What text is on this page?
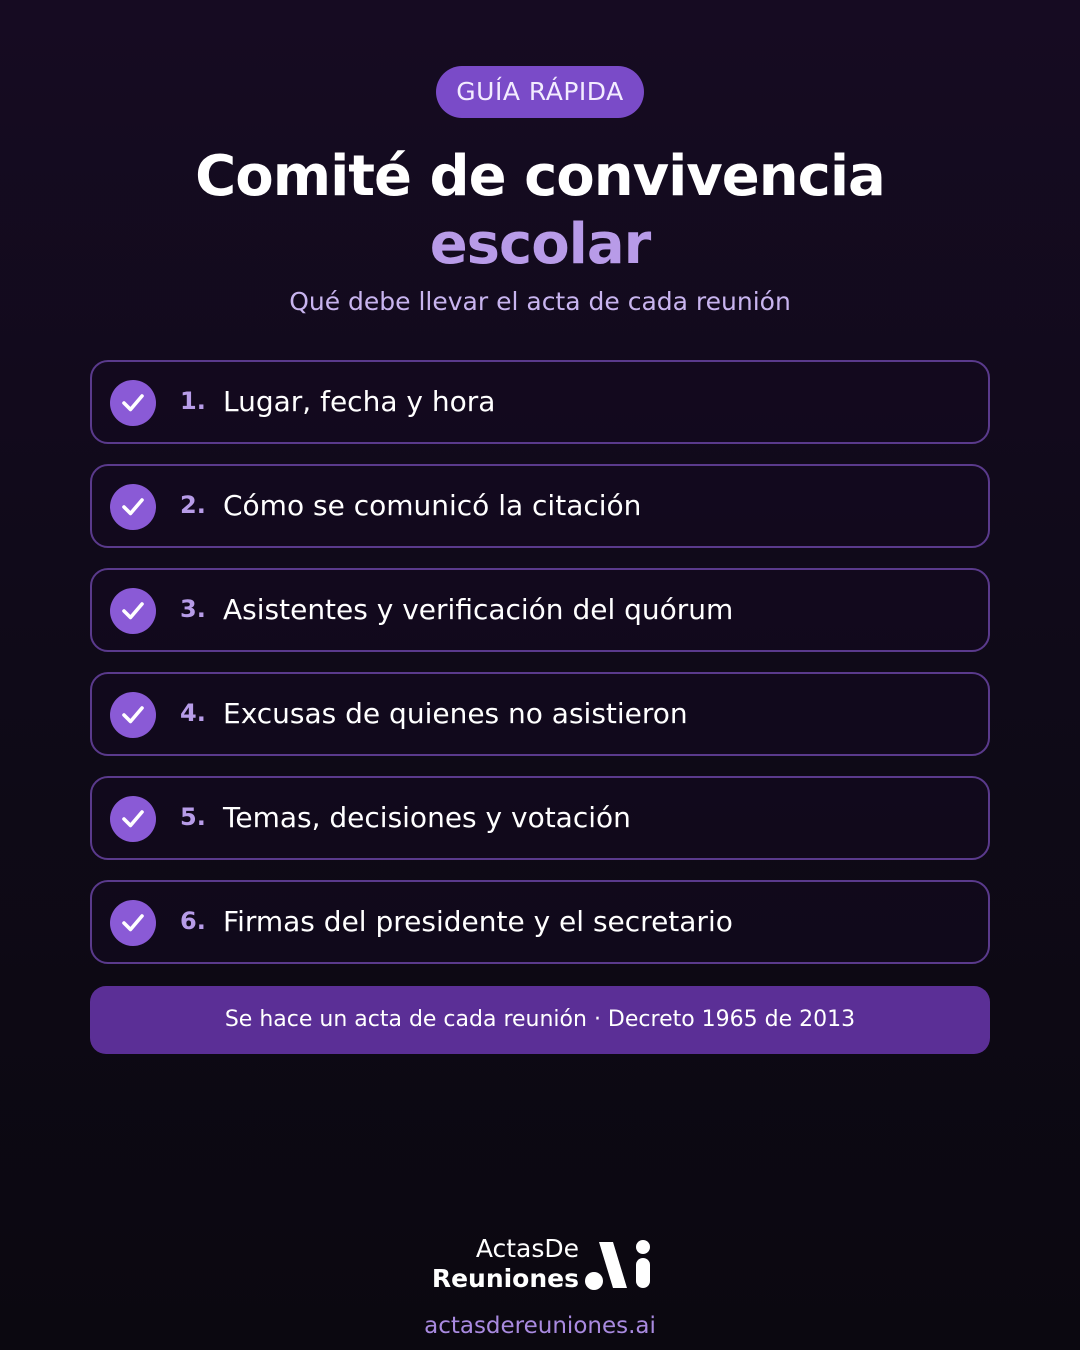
GUÍA RÁPIDA
Comité de convivencia
escolar
Qué debe llevar el acta de cada reunión
1. Lugar, fecha y hora
2. Cómo se comunicó la citación
3. Asistentes y verificación del quórum
4. Excusas de quienes no asistieron
5. Temas, decisiones y votación
6. Firmas del presidente y el secretario
Se hace un acta de cada reunión · Decreto 1965 de 2013
ActasDe
Reuniones
actasdereuniones.ai
